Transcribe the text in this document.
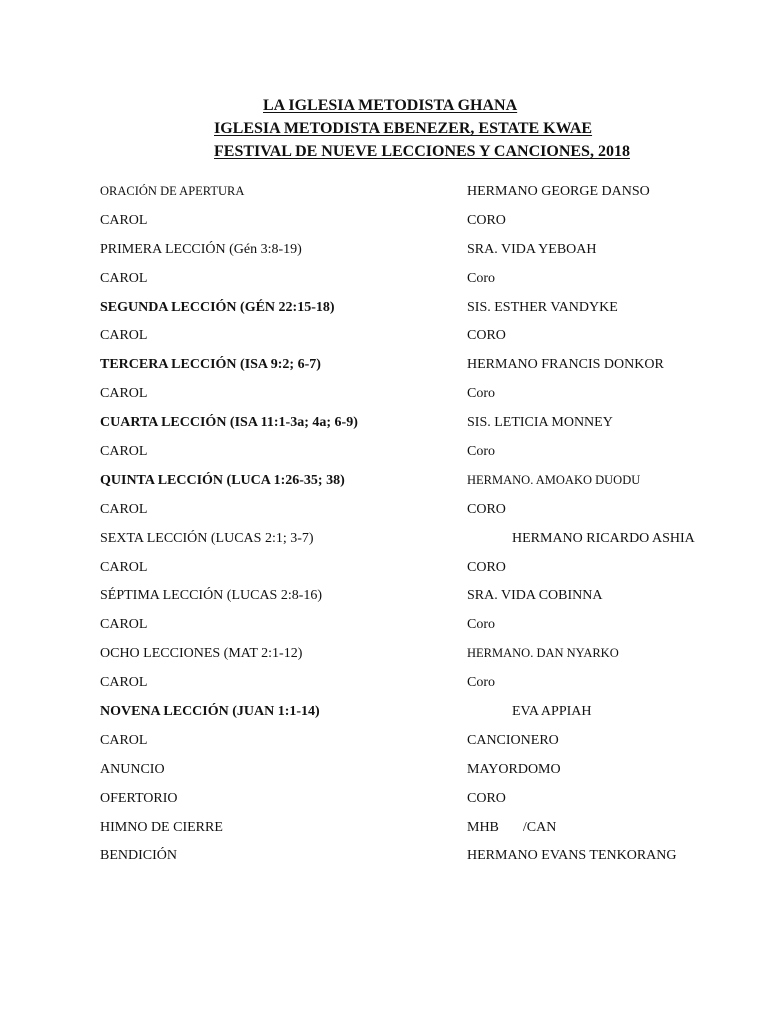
LA IGLESIA METODISTA GHANA
IGLESIA METODISTA EBENEZER, ESTATE KWAE
FESTIVAL DE NUEVE LECCIONES Y CANCIONES, 2018
ORACIÓN DE APERTURA	HERMANO GEORGE DANSO
CAROL	CORO
PRIMERA LECCIÓN (Gén 3:8-19)	SRA. VIDA YEBOAH
CAROL	Coro
SEGUNDA LECCIÓN (GÉN 22:15-18)	SIS. ESTHER VANDYKE
CAROL	CORO
TERCERA LECCIÓN (ISA 9:2; 6-7)	HERMANO FRANCIS DONKOR
CAROL	Coro
CUARTA LECCIÓN (ISA 11:1-3a; 4a; 6-9)	SIS. LETICIA MONNEY
CAROL	Coro
QUINTA LECCIÓN (LUCA 1:26-35; 38)	HERMANO. AMOAKO DUODU
CAROL	CORO
SEXTA LECCIÓN (LUCAS 2:1; 3-7)	HERMANO RICARDO ASHIA
CAROL	CORO
SÉPTIMA LECCIÓN (LUCAS 2:8-16)	SRA. VIDA COBINNA
CAROL	Coro
OCHO LECCIONES (MAT 2:1-12)	HERMANO. DAN NYARKO
CAROL	Coro
NOVENA LECCIÓN (JUAN 1:1-14)	EVA APPIAH
CAROL	CANCIONERO
ANUNCIO	MAYORDOMO
OFERTORIO	CORO
HIMNO DE CIERRE	MHB /CAN
BENDICIÓN	HERMANO EVANS TENKORANG
